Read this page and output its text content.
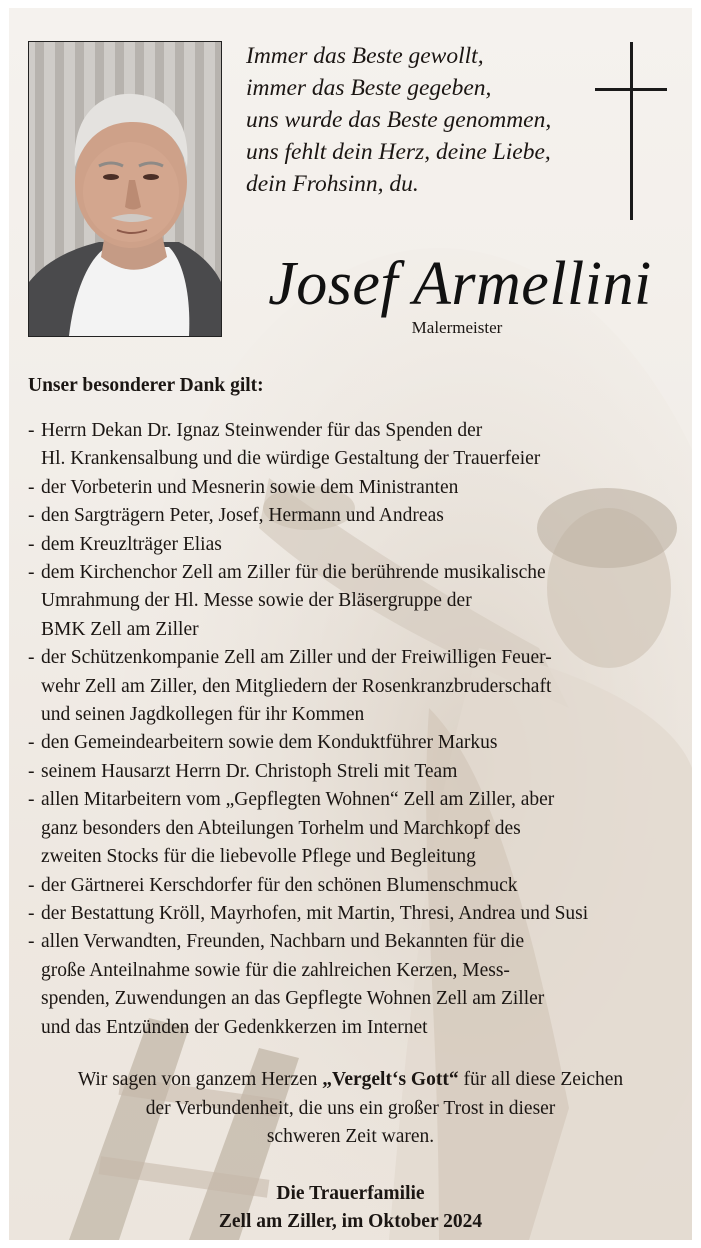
Immer das Beste gewollt,
immer das Beste gegeben,
uns wurde das Beste genommen,
uns fehlt dein Herz, deine Liebe,
dein Frohsinn, du.
Josef Armellini
Malermeister
Unser besonderer Dank gilt:
- Herrn Dekan Dr. Ignaz Steinwender für das Spenden der
Hl. Krankensalbung und die würdige Gestaltung der Trauerfeier
- der Vorbeterin und Mesnerin sowie dem Ministranten
- den Sargträgern Peter, Josef, Hermann und Andreas
- dem Kreuzlträger Elias
- dem Kirchenchor Zell am Ziller für die berührende musikalische
Umrahmung der Hl. Messe sowie der Bläsergruppe der
BMK Zell am Ziller
- der Schützenkompanie Zell am Ziller und der Freiwilligen Feuer-
wehr Zell am Ziller, den Mitgliedern der Rosenkranzbruderschaft
und seinen Jagdkollegen für ihr Kommen
- den Gemeindearbeitern sowie dem Konduktführer Markus
- seinem Hausarzt Herrn Dr. Christoph Streli mit Team
- allen Mitarbeitern vom „Gepflegten Wohnen“ Zell am Ziller, aber
ganz besonders den Abteilungen Torhelm und Marchkopf des
zweiten Stocks für die liebevolle Pflege und Begleitung
- der Gärtnerei Kerschdorfer für den schönen Blumenschmuck
- der Bestattung Kröll, Mayrhofen, mit Martin, Thresi, Andrea und Susi
- allen Verwandten, Freunden, Nachbarn und Bekannten für die
große Anteilnahme sowie für die zahlreichen Kerzen, Mess-
spenden, Zuwendungen an das Gepflegte Wohnen Zell am Ziller
und das Entzünden der Gedenkkerzen im Internet
Wir sagen von ganzem Herzen „Vergelt‘s Gott“ für all diese Zeichen
der Verbundenheit, die uns ein großer Trost in dieser
schweren Zeit waren.
Die Trauerfamilie
Zell am Ziller, im Oktober 2024
